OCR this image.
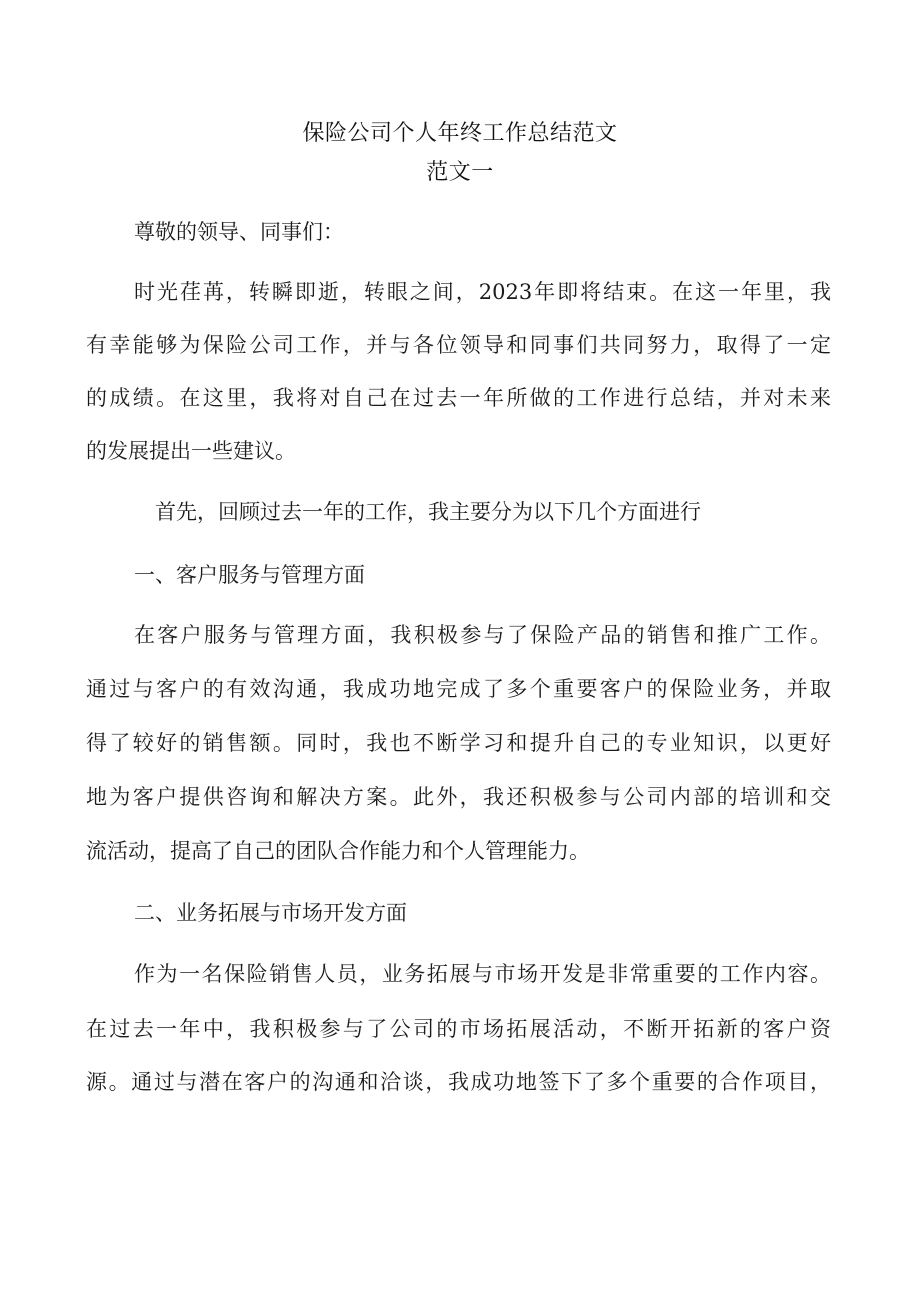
保险公司个人年终工作总结范文
范文一
尊敬的领导、同事们：
时光荏苒，转瞬即逝，转眼之间，2023年即将结束。在这一年里，我
有幸能够为保险公司工作，并与各位领导和同事们共同努力，取得了一定
的成绩。在这里，我将对自己在过去一年所做的工作进行总结，并对未来
的发展提出一些建议。
首先，回顾过去一年的工作，我主要分为以下几个方面进行
一、客户服务与管理方面
在客户服务与管理方面，我积极参与了保险产品的销售和推广工作。
通过与客户的有效沟通，我成功地完成了多个重要客户的保险业务，并取
得了较好的销售额。同时，我也不断学习和提升自己的专业知识，以更好
地为客户提供咨询和解决方案。此外，我还积极参与公司内部的培训和交
流活动，提高了自己的团队合作能力和个人管理能力。
二、业务拓展与市场开发方面
作为一名保险销售人员，业务拓展与市场开发是非常重要的工作内容。
在过去一年中，我积极参与了公司的市场拓展活动，不断开拓新的客户资
源。通过与潜在客户的沟通和洽谈，我成功地签下了多个重要的合作项目，
